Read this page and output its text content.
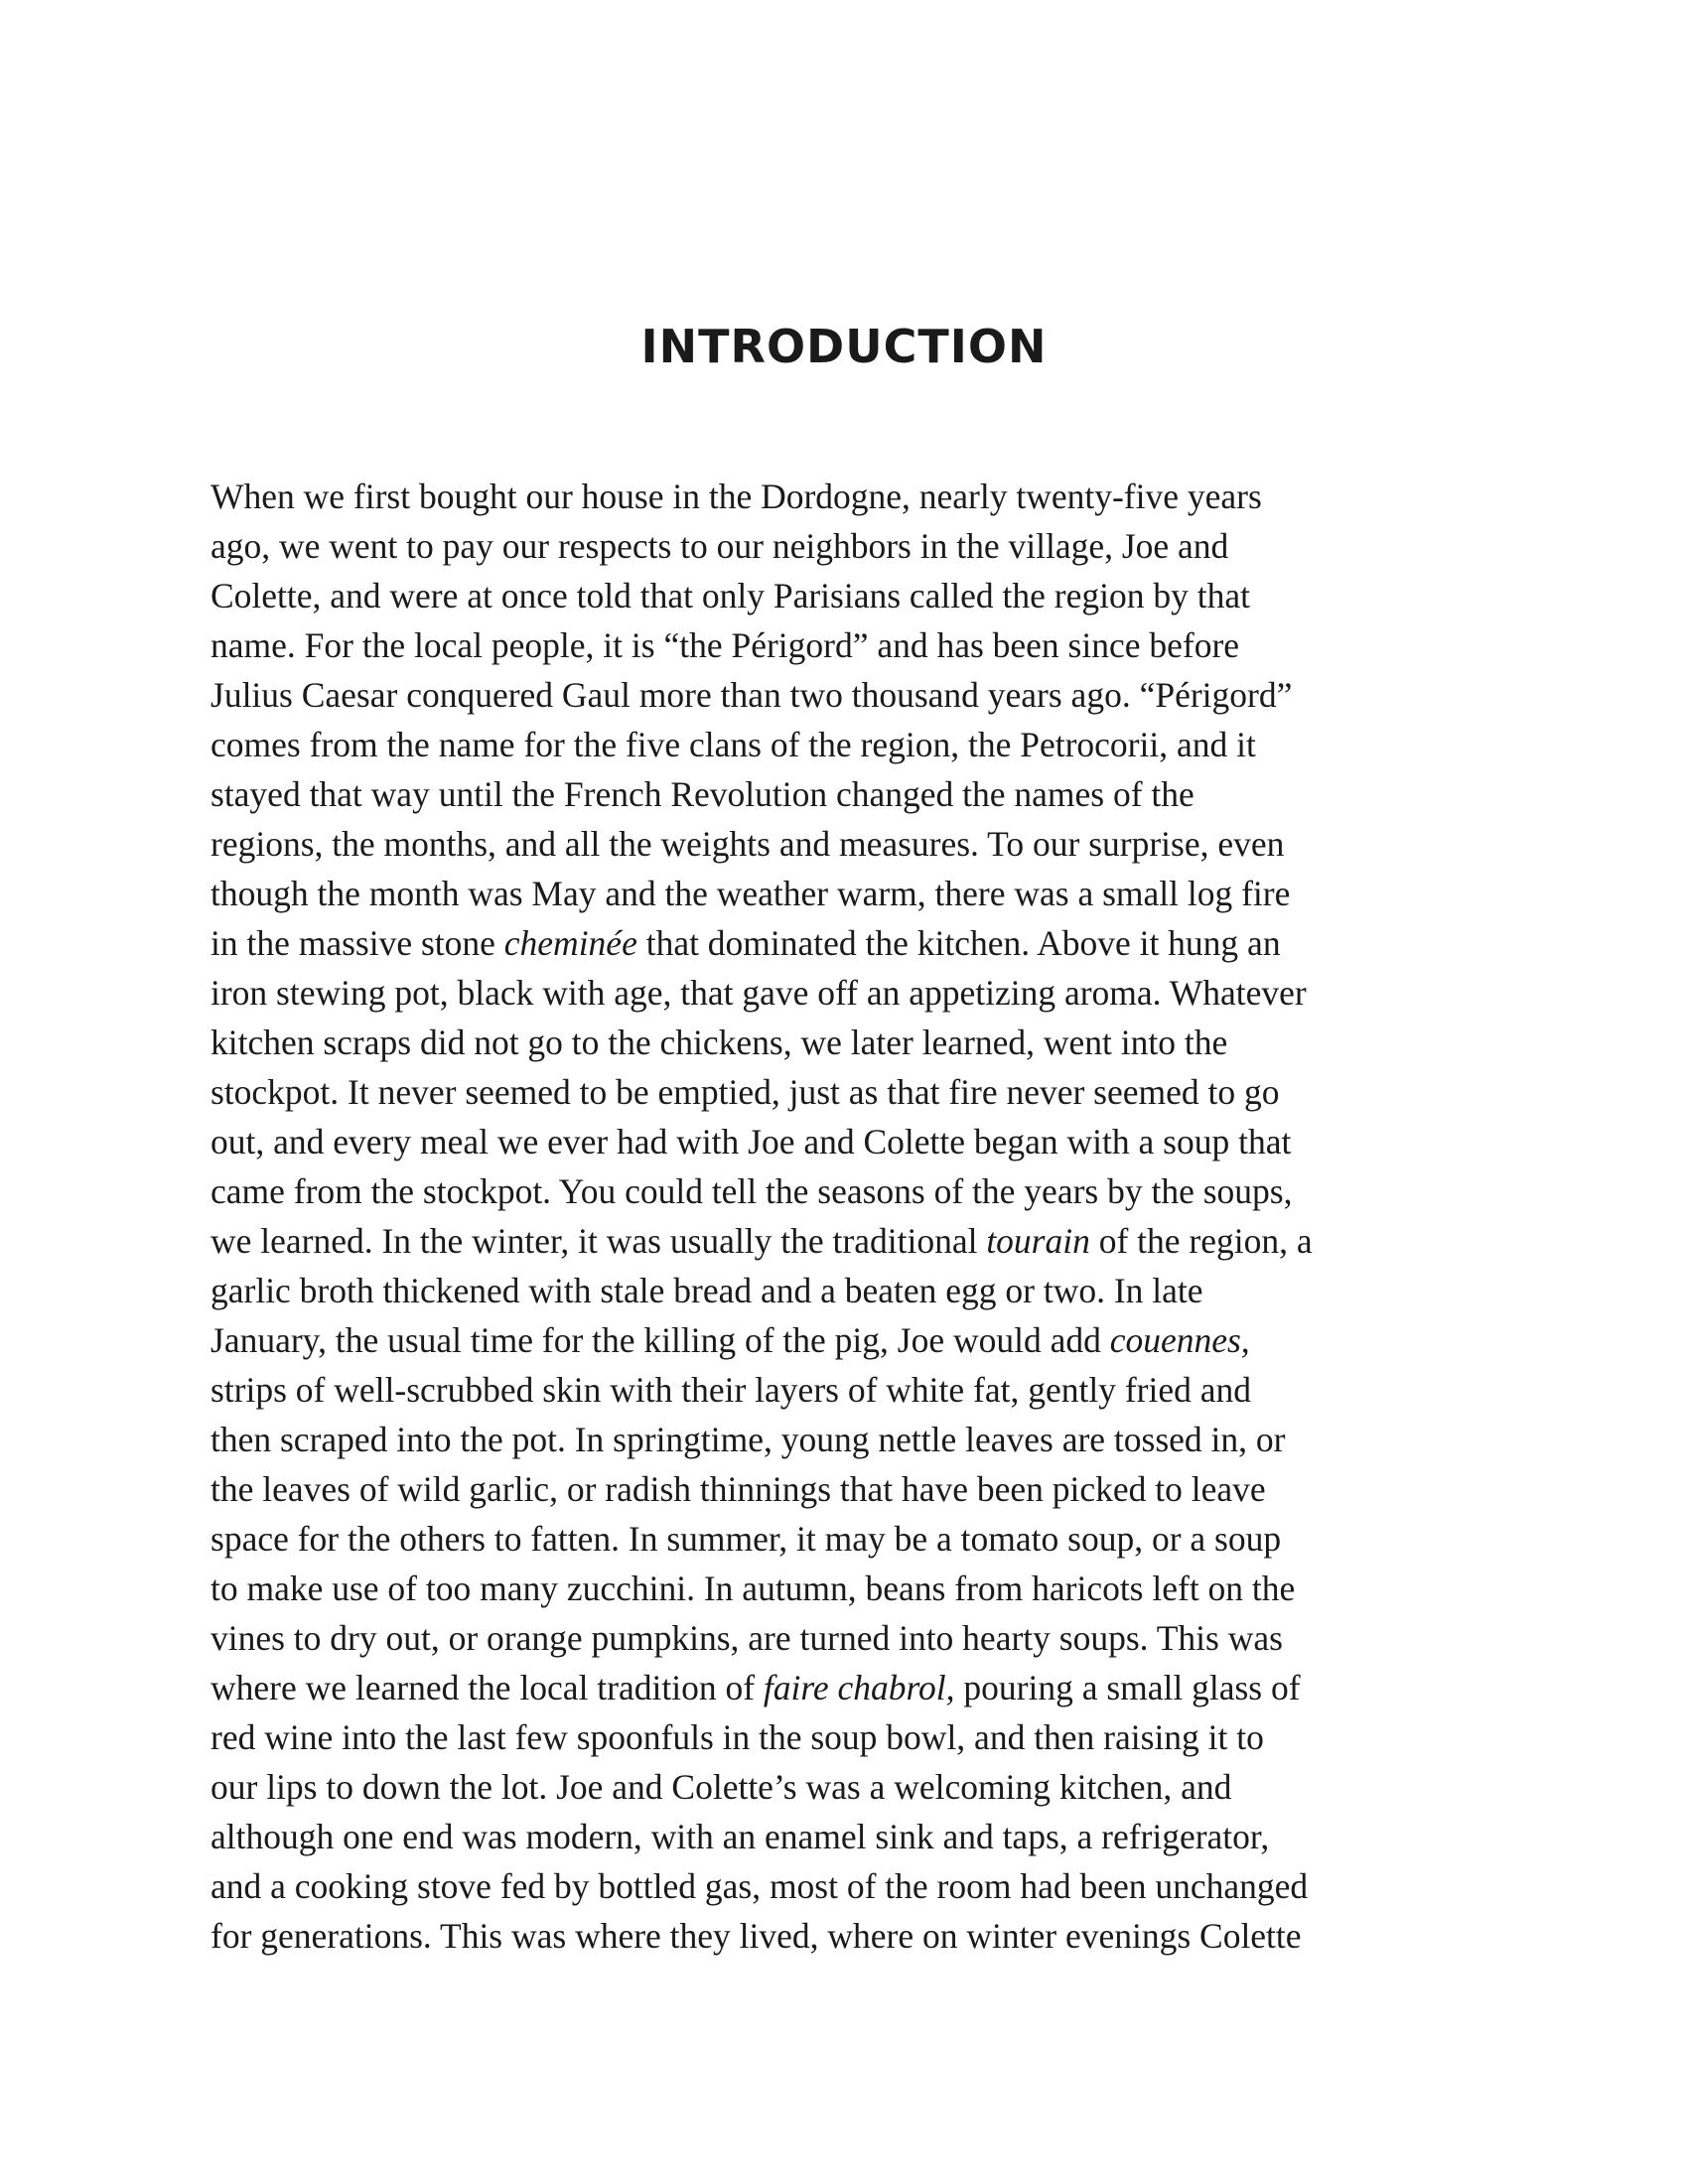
INTRODUCTION
When we first bought our house in the Dordogne, nearly twenty-five years
ago, we went to pay our respects to our neighbors in the village, Joe and
Colette, and were at once told that only Parisians called the region by that
name. For the local people, it is “the Périgord” and has been since before
Julius Caesar conquered Gaul more than two thousand years ago. “Périgord”
comes from the name for the five clans of the region, the Petrocorii, and it
stayed that way until the French Revolution changed the names of the
regions, the months, and all the weights and measures. To our surprise, even
though the month was May and the weather warm, there was a small log fire
in the massive stone cheminée that dominated the kitchen. Above it hung an
iron stewing pot, black with age, that gave off an appetizing aroma. Whatever
kitchen scraps did not go to the chickens, we later learned, went into the
stockpot. It never seemed to be emptied, just as that fire never seemed to go
out, and every meal we ever had with Joe and Colette began with a soup that
came from the stockpot. You could tell the seasons of the years by the soups,
we learned. In the winter, it was usually the traditional tourain of the region, a
garlic broth thickened with stale bread and a beaten egg or two. In late
January, the usual time for the killing of the pig, Joe would add couennes,
strips of well-scrubbed skin with their layers of white fat, gently fried and
then scraped into the pot. In springtime, young nettle leaves are tossed in, or
the leaves of wild garlic, or radish thinnings that have been picked to leave
space for the others to fatten. In summer, it may be a tomato soup, or a soup
to make use of too many zucchini. In autumn, beans from haricots left on the
vines to dry out, or orange pumpkins, are turned into hearty soups. This was
where we learned the local tradition of faire chabrol, pouring a small glass of
red wine into the last few spoonfuls in the soup bowl, and then raising it to
our lips to down the lot. Joe and Colette’s was a welcoming kitchen, and
although one end was modern, with an enamel sink and taps, a refrigerator,
and a cooking stove fed by bottled gas, most of the room had been unchanged
for generations. This was where they lived, where on winter evenings Colette
